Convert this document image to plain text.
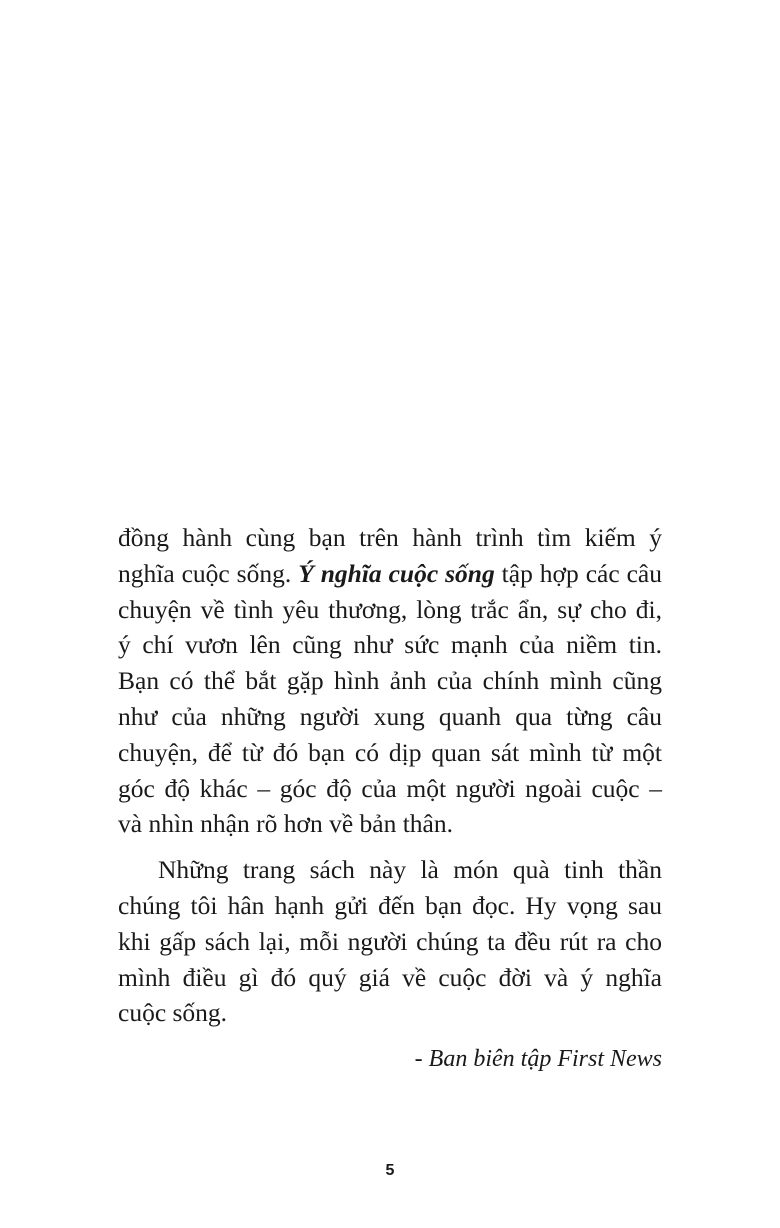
đồng hành cùng bạn trên hành trình tìm kiếm ý
nghĩa cuộc sống. Ý nghĩa cuộc sống tập hợp các câu
chuyện về tình yêu thương, lòng trắc ẩn, sự cho đi,
ý chí vươn lên cũng như sức mạnh của niềm tin.
Bạn có thể bắt gặp hình ảnh của chính mình cũng
như của những người xung quanh qua từng câu
chuyện, để từ đó bạn có dịp quan sát mình từ một
góc độ khác – góc độ của một người ngoài cuộc –
và nhìn nhận rõ hơn về bản thân.

Những trang sách này là món quà tinh thần
chúng tôi hân hạnh gửi đến bạn đọc. Hy vọng sau
khi gấp sách lại, mỗi người chúng ta đều rút ra cho
mình điều gì đó quý giá về cuộc đời và ý nghĩa
cuộc sống.

- Ban biên tập First News
5
